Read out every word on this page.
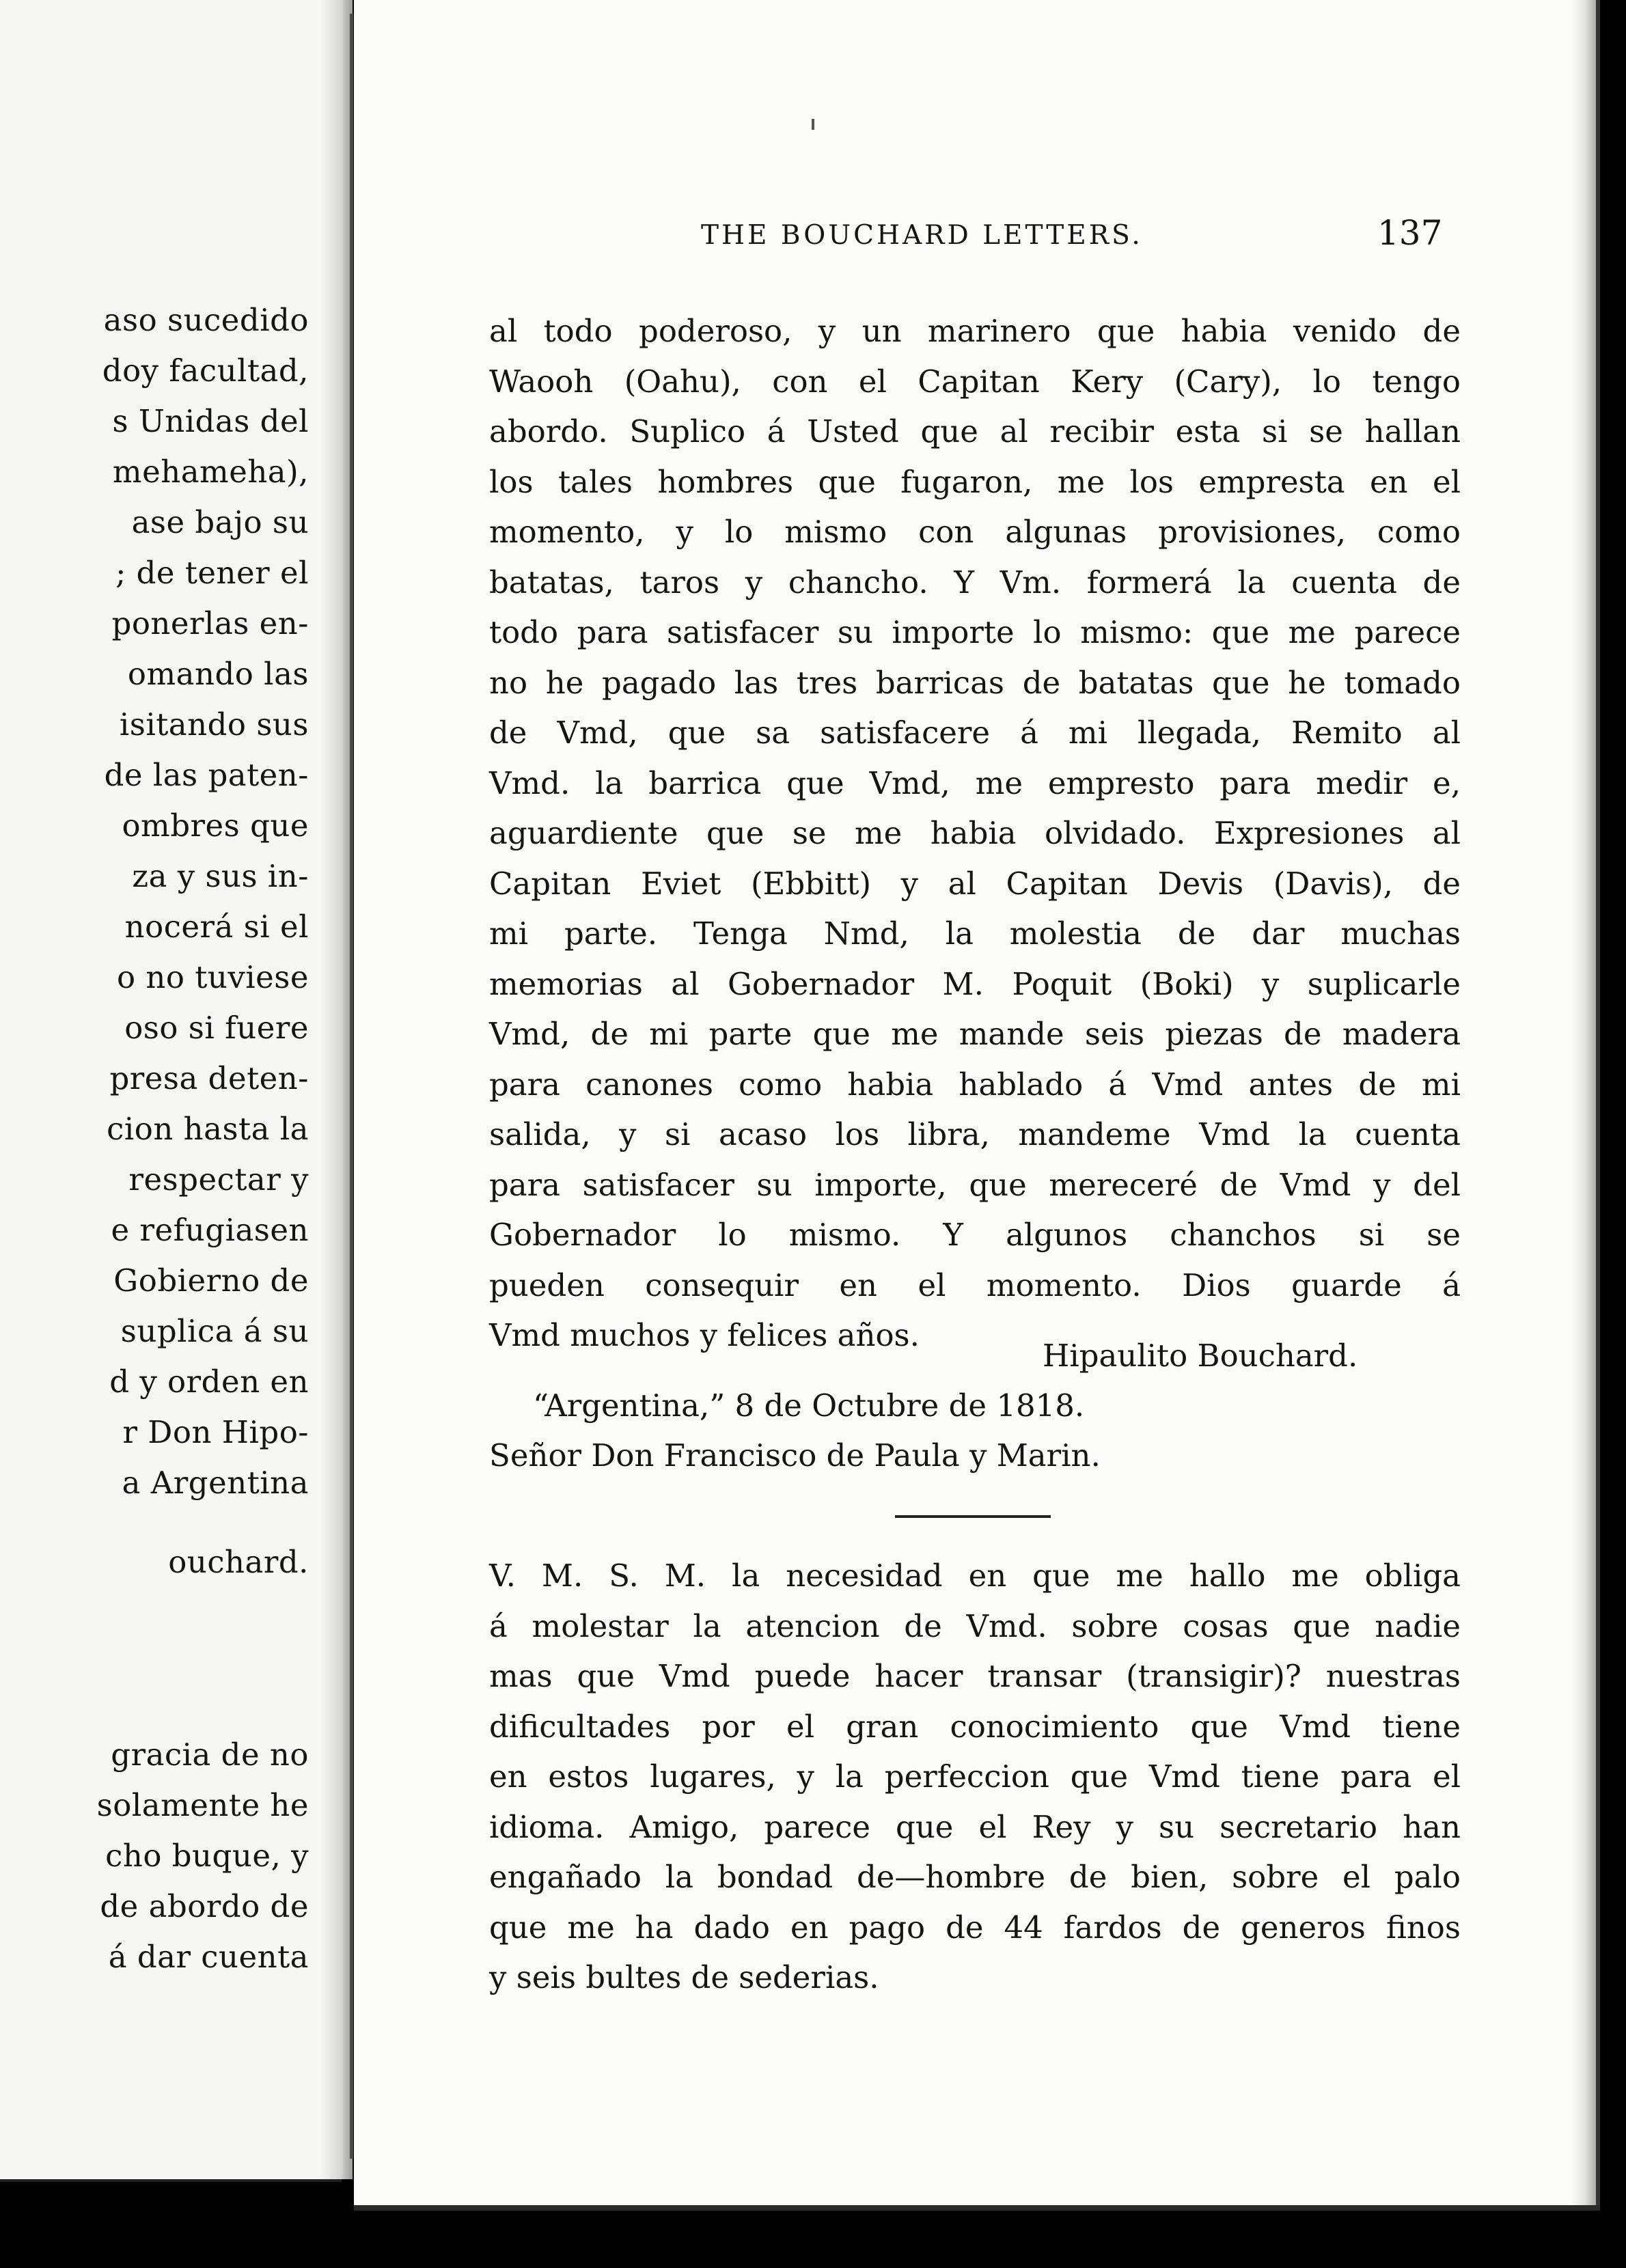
aso sucedido
doy facultad,
s Unidas del
mehameha),
ase bajo su
; de tener el
ponerlas en-
omando las
isitando sus
de las paten-
ombres que
za y sus in-
nocerá si el
o no tuviese
oso si fuere
presa deten-
cion hasta la
respectar y
e refugiasen
Gobierno de
suplica á su
d y orden en
r Don Hipo-
a Argentina
ouchard.
gracia de no
solamente he
cho buque, y
de abordo de
á dar cuenta
THE BOUCHARD LETTERS.	137
al todo poderoso, y un marinero que habia venido de
Waooh (Oahu), con el Capitan Kery (Cary), lo tengo
abordo. Suplico á Usted que al recibir esta si se hallan
los tales hombres que fugaron, me los empresta en el
momento, y lo mismo con algunas provisiones, como
batatas, taros y chancho. Y Vm. formerá la cuenta de
todo para satisfacer su importe lo mismo: que me parece
no he pagado las tres barricas de batatas que he tomado
de Vmd, que sa satisfacere á mi llegada, Remito al
Vmd. la barrica que Vmd, me empresto para medir e,
aguardiente que se me habia olvidado. Expresiones al
Capitan Eviet (Ebbitt) y al Capitan Devis (Davis), de
mi parte. Tenga Nmd, la molestia de dar muchas
memorias al Gobernador M. Poquit (Boki) y suplicarle
Vmd, de mi parte que me mande seis piezas de madera
para canones como habia hablado á Vmd antes de mi
salida, y si acaso los libra, mandeme Vmd la cuenta
para satisfacer su importe, que mereceré de Vmd y del
Gobernador lo mismo. Y algunos chanchos si se
pueden consequir en el momento. Dios guarde á
Vmd muchos y felices años.
Hipaulito Bouchard.
“Argentina,” 8 de Octubre de 1818.
Señor Don Francisco de Paula y Marin.
V. M. S. M. la necesidad en que me hallo me obliga
á molestar la atencion de Vmd. sobre cosas que nadie
mas que Vmd puede hacer transar (transigir)? nuestras
dificultades por el gran conocimiento que Vmd tiene
en estos lugares, y la perfeccion que Vmd tiene para el
idioma. Amigo, parece que el Rey y su secretario han
engañado la bondad de—hombre de bien, sobre el palo
que me ha dado en pago de 44 fardos de generos finos
y seis bultes de sederias.
